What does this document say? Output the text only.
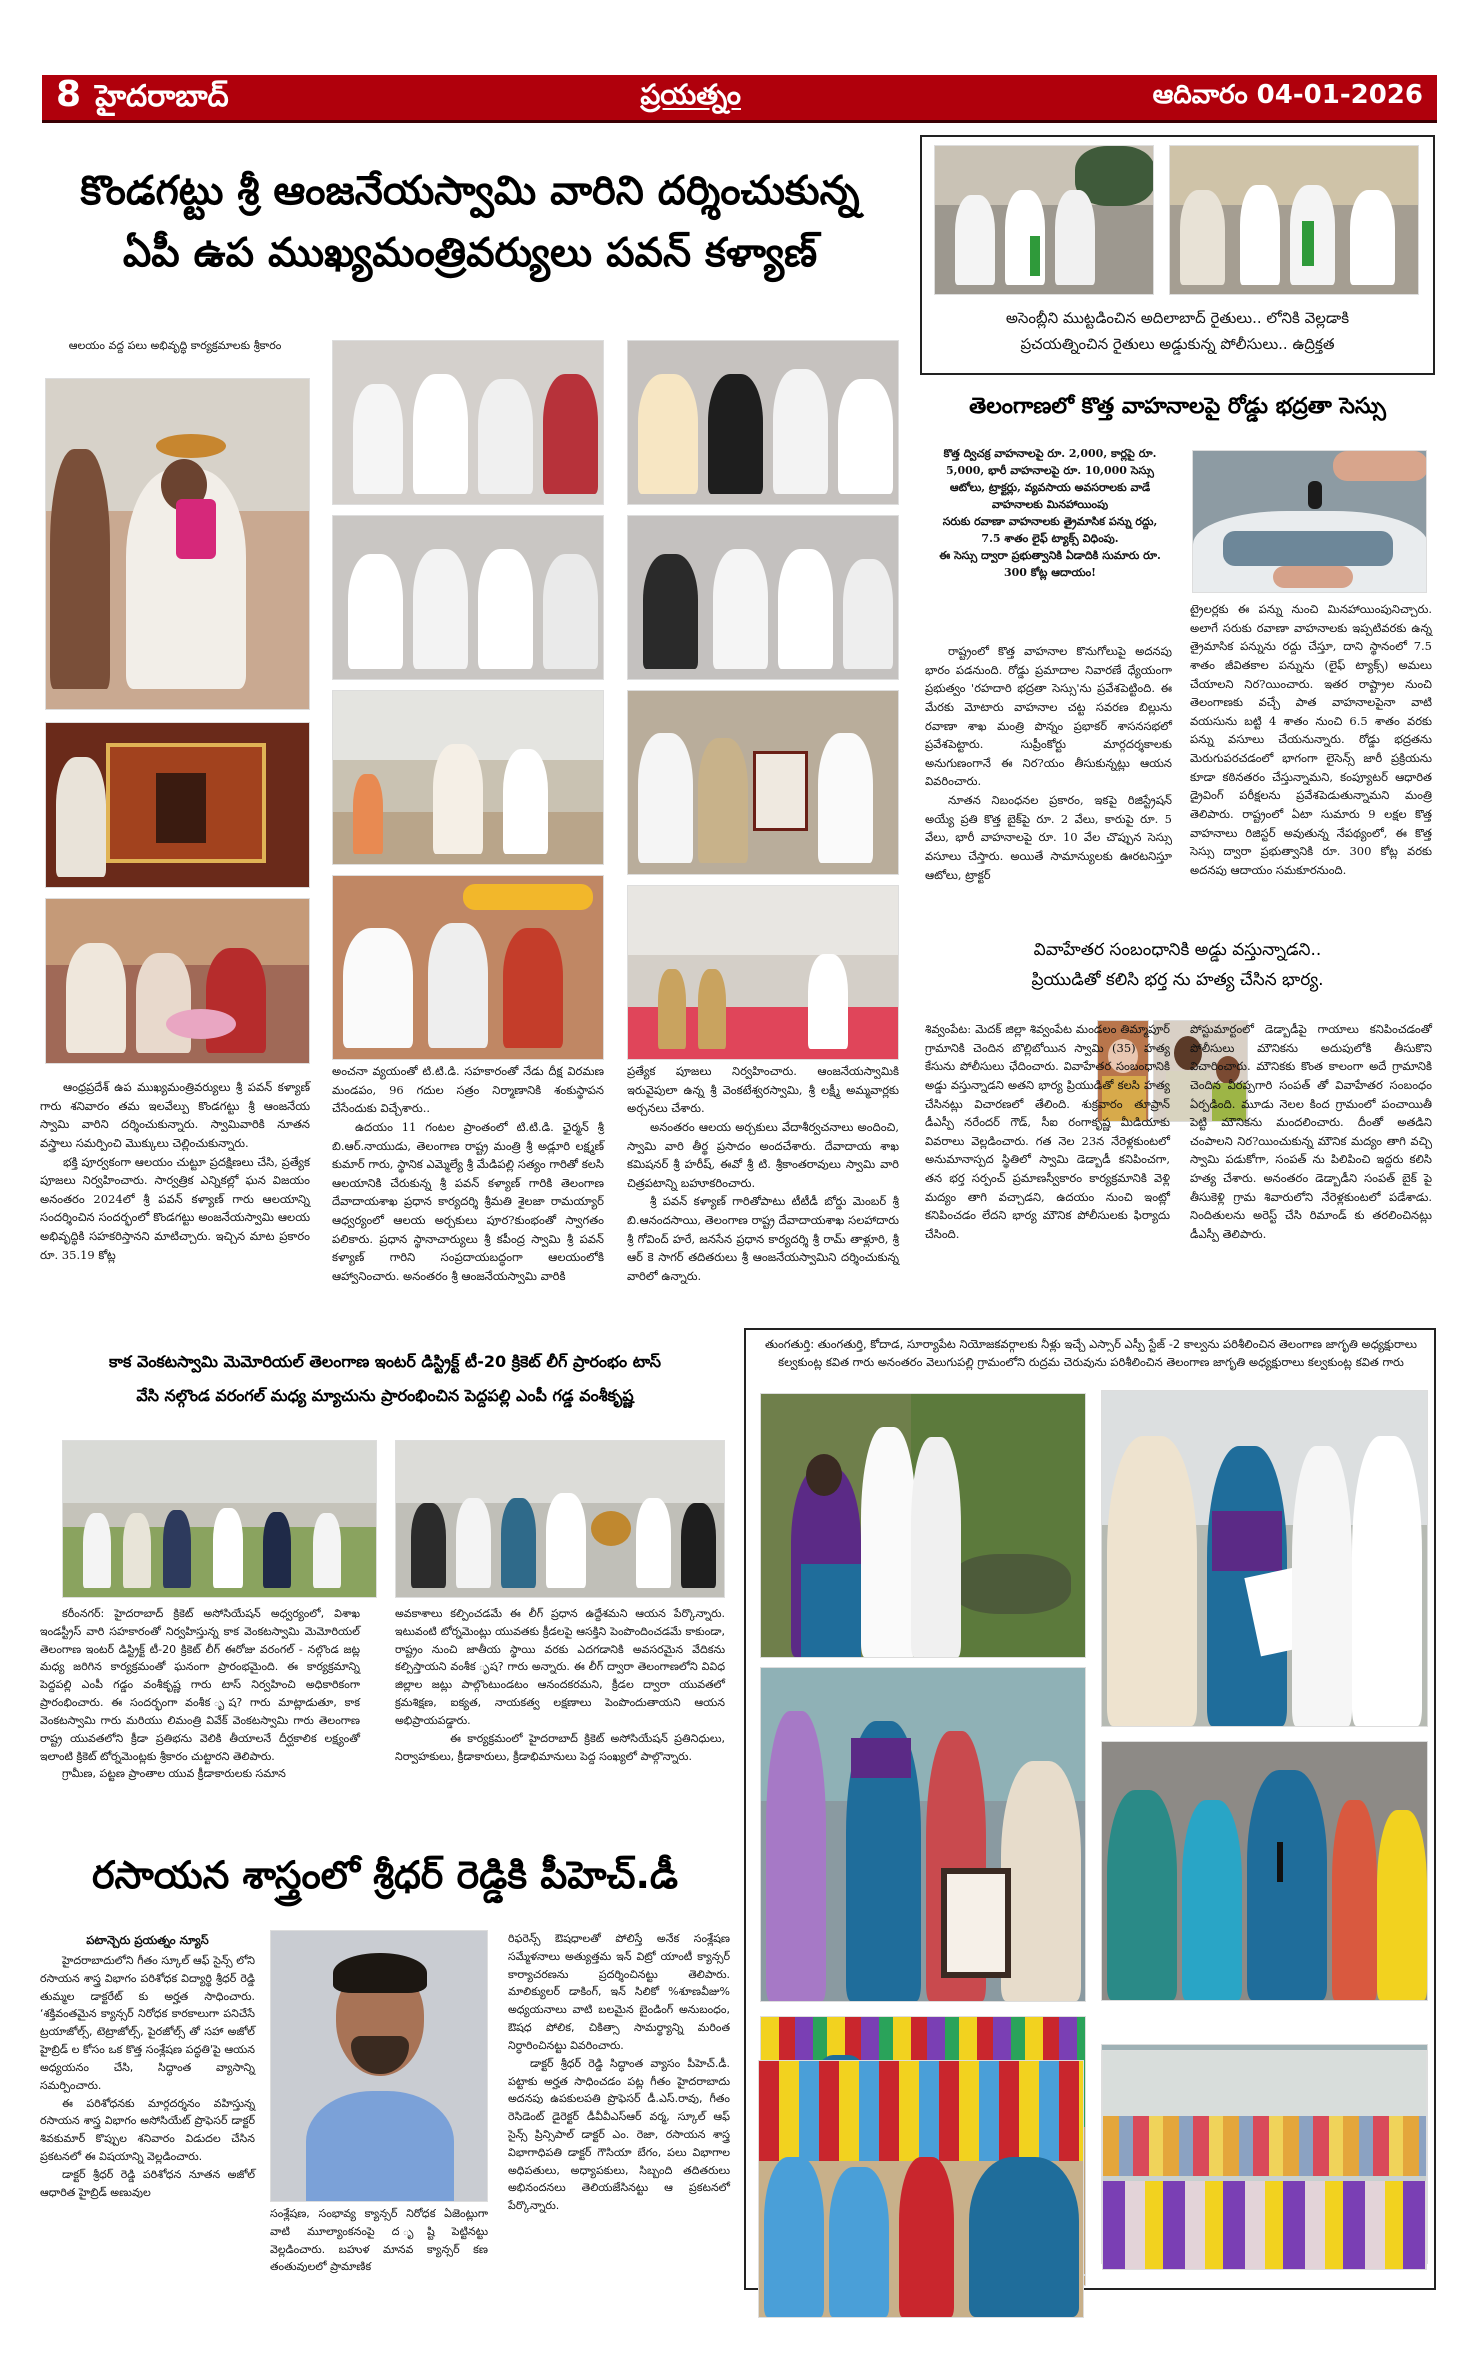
8 హైదరాబాద్	ప్రయత్నం	ఆదివారం 04-01-2026
కొండగట్టు శ్రీ ఆంజనేయస్వామి వారిని దర్శించుకున్న
ఏపీ ఉప ముఖ్యమంత్రివర్యులు పవన్ కళ్యాణ్
ఆలయం వద్ద పలు అభివృద్ధి కార్యక్రమాలకు శ్రీకారం

ఆంధ్రప్రదేశ్ ఉప ముఖ్యమంత్రివర్యులు శ్రీ పవన్ కళ్యాణ్ గారు శనివారం తమ ఇలవేల్పు కొండగట్టు శ్రీ ఆంజనేయ స్వామి వారిని దర్శించుకున్నారు. స్వామివారికి నూతన వస్త్రాలు సమర్పించి మొక్కులు చెల్లించుకున్నారు.

భక్తి పూర్వకంగా ఆలయం చుట్టూ ప్రదక్షిణలు చేసి, ప్రత్యేక పూజలు నిర్వహించారు. సార్వత్రిక ఎన్నికల్లో ఘన విజయం అనంతరం 2024లో శ్రీ పవన్ కళ్యాణ్ గారు ఆలయాన్ని సందర్శించిన సందర్భంలో కొండగట్టు అంజనేయస్వామి ఆలయ అభివృద్ధికి సహకరిస్తానని మాటిచ్చారు. ఇచ్చిన మాట ప్రకారం రూ. 35.19 కోట్ల

అంచనా వ్యయంతో టి.టి.డి. సహకారంతో నేడు దీక్ష విరమణ మండపం, 96 గదుల సత్రం నిర్మాణానికి శంకుస్థాపన చేసేందుకు విచ్చేశారు..

ఉదయం 11 గంటల ప్రాంతంలో టి.టి.డి. ఛైర్మన్ శ్రీ బి.ఆర్.నాయుడు, తెలంగాణ రాష్ట్ర మంత్రి శ్రీ అడ్లూరి లక్ష్మణ్ కుమార్ గారు, స్థానిక ఎమ్మెల్యే శ్రీ మేడిపల్లి సత్యం గారితో కలసి ఆలయానికి చేరుకున్న శ్రీ పవన్ కళ్యాణ్ గారికి తెలంగాణ దేవాదాయశాఖ ప్రధాన కార్యదర్శి శ్రీమతి శైలజా రామయ్యార్ ఆధ్వర్యంలో ఆలయ అర్చకులు పూర?కుంభంతో స్వాగతం పలికారు. ప్రధాన స్థానాచార్యులు శ్రీ కపీంద్ర స్వామి శ్రీ పవన్ కళ్యాణ్ గారిని సంప్రదాయబద్ధంగా ఆలయంలోకి ఆహ్వానించారు. అనంతరం శ్రీ ఆంజనేయస్వామి వారికి

ప్రత్యేక పూజలు నిర్వహించారు. ఆంజనేయస్వామికి ఇరువైపులా ఉన్న శ్రీ వెంకటేశ్వరస్వామి, శ్రీ లక్ష్మీ అమ్మవార్లకు అర్చనలు చేశారు.

అనంతరం ఆలయ అర్చకులు వేదాశీర్వచనాలు అందించి, స్వామి వారి తీర్థ ప్రసాదం అందచేశారు. దేవాదాయ శాఖ కమిషనర్ శ్రీ హరీష్, ఈవో శ్రీ టి. శ్రీకాంతరావులు స్వామి వారి చిత్రపటాన్ని బహూకరించారు.

శ్రీ పవన్ కళ్యాణ్ గారితోపాటు టీటీడీ బోర్డు మెంబర్ శ్రీ బి.ఆనందసాయి, తెలంగాణ రాష్ట్ర దేవాదాయశాఖ సలహాదారు శ్రీ గోవింద్ హరే, జనసేన ప్రధాన కార్యదర్శి శ్రీ రామ్ తాళ్లూరి, శ్రీ ఆర్ కె సాగర్ తదితరులు శ్రీ ఆంజనేయస్వామిని దర్శించుకున్న వారిలో ఉన్నారు.

అసెంబ్లీని ముట్టడించిన అదిలాబాద్ రైతులు.. లోనికి వెల్లడాకి
ప్రచయత్నించిన రైతులు అడ్డుకున్న పోలీసులు.. ఉద్రిక్తత
తెలంగాణలో కొత్త వాహనాలపై రోడ్డు భద్రతా సెస్సు
కొత్త ద్విచక్ర వాహనాలపై రూ. 2,000, కార్లపై రూ. 5,000, భారీ వాహనాలపై రూ. 10,000 సెస్సు
ఆటోలు, ట్రాక్టర్లు, వ్యవసాయ అవసరాలకు వాడే వాహనాలకు మినహాయింపు
సరుకు రవాణా వాహనాలకు త్రైమాసిక పన్ను రద్దు, 7.5 శాతం లైఫ్ ట్యాక్స్ విధింపు.
ఈ సెస్సు ద్వారా ప్రభుత్వానికి ఏడాదికి సుమారు రూ. 300 కోట్ల ఆదాయం!

రాష్ట్రంలో కొత్త వాహనాల కొనుగోలుపై అదనపు భారం పడనుంది. రోడ్డు ప్రమాదాల నివారణే ధ్యేయంగా ప్రభుత్వం 'రహదారి భద్రతా సెస్సు'ను ప్రవేశపెట్టింది. ఈ మేరకు మోటారు వాహనాల చట్ట సవరణ బిల్లును రవాణా శాఖ మంత్రి పొన్నం ప్రభాకర్ శాసనసభలో ప్రవేశపెట్టారు. సుప్రీంకోర్టు మార్గదర్శకాలకు అనుగుణంగానే ఈ నిర?యం తీసుకున్నట్లు ఆయన వివరించారు.

నూతన నిబంధనల ప్రకారం, ఇకపై రిజిస్ట్రేషన్ అయ్యే ప్రతి కొత్త బైక్‌పై రూ. 2 వేలు, కారుపై రూ. 5 వేలు, భారీ వాహనాలపై రూ. 10 వేల చొప్పున సెస్సు వసూలు చేస్తారు. అయితే సామాన్యులకు ఊరటనిస్తూ ఆటోలు, ట్రాక్టర్

ట్రైలర్లకు ఈ పన్ను నుంచి మినహాయింపునిచ్చారు. అలాగే సరుకు రవాణా వాహనాలకు ఇప్పటివరకు ఉన్న త్రైమాసిక పన్నును రద్దు చేస్తూ, దాని స్థానంలో 7.5 శాతం జీవితకాల పన్నును (లైఫ్ ట్యాక్స్) అమలు చేయాలని నిర?యించారు. ఇతర రాష్ట్రాల నుంచి తెలంగాణకు వచ్చే పాత వాహనాలపైనా వాటి వయసును బట్టి 4 శాతం నుంచి 6.5 శాతం వరకు పన్ను వసూలు చేయనున్నారు. రోడ్డు భద్రతను మెరుగుపరచడంలో భాగంగా లైసెన్స్ జారీ ప్రక్రియను కూడా కఠినతరం చేస్తున్నామని, కంప్యూటర్ ఆధారిత డ్రైవింగ్ పరీక్షలను ప్రవేశపెడుతున్నామని మంత్రి తెలిపారు. రాష్ట్రంలో ఏటా సుమారు 9 లక్షల కొత్త వాహనాలు రిజిస్టర్ అవుతున్న నేపథ్యంలో, ఈ కొత్త సెస్సు ద్వారా ప్రభుత్వానికి రూ. 300 కోట్ల వరకు అదనపు ఆదాయం సమకూరనుంది.

వివాహేతర సంబంధానికి అడ్డు వస్తున్నాడని..
ప్రియుడితో కలిసి భర్త ను హత్య చేసిన భార్య.

శివ్వంపేట: మెదక్ జిల్లా శివ్వంపేట మండలం తిమ్మాపూర్ గ్రామానికి చెందిన బొల్లిబోయిన స్వామి (35) హత్య కేసును పోలీసులు ఛేదించారు. వివాహేతర సంబంధానికి అడ్డు వస్తున్నాడని అతని భార్య ప్రియుడితో కలసి హత్య చేసినట్లు విచారణలో తేలింది. శుక్రవారం తూప్రాన్ డీఎస్పీ నరేందర్ గౌడ్, సీఐ రంగాకృష్ణ మీడియాకు వివరాలు వెల్లడించారు. గత నెల 23న నేరెళ్లకుంటలో అనుమానాస్పద స్థితిలో స్వామి డెడ్బాడీ కనిపించగా, తన భర్త సర్పంచ్ ప్రమాణస్వీకారం కార్యక్రమానికి వెళ్లి మద్యం తాగి వచ్చాడని, ఉదయం నుంచి ఇంట్లో కనిపించడం లేదని భార్య మౌనిక పోలీసులకు ఫిర్యాదు చేసింది.

పోస్టుమార్టంలో డెడ్బాడీపై గాయాలు కనిపించడంతో పోలీసులు మౌనికను అదుపులోకి తీసుకొని విచారించారు. మౌనికకు కొంత కాలంగా అదే గ్రామానికి చెందిన వీరప్పగారి సంపత్ తో వివాహేతర సంబంధం ఏర్పడింది. మూడు నెలల కింద గ్రామంలో పంచాయితీ పెట్టి మౌనికను మందలించారు. దీంతో అతడిని చంపాలని నిర?యించుకున్న మౌనిక మద్యం తాగి వచ్చి స్వామి పడుకోగా, సంపత్ ను పిలిపించి ఇద్దరు కలిసి హత్య చేశారు. అనంతరం డెడ్బాడీని సంపత్ బైక్ పై తీసుకెళ్లి గ్రామ శివారులోని నేరెళ్లకుంటలో పడేశాడు. నిందితులను అరెస్ట్ చేసి రిమాండ్ కు తరలించినట్లు డీఎస్పీ తెలిపారు.

కాక వెంకటస్వామి మెమోరియల్ తెలంగాణ ఇంటర్ డిస్ట్రిక్ట్ టీ-20 క్రికెట్ లీగ్ ప్రారంభం టాస్
వేసి నల్గొండ వరంగల్ మధ్య మ్యాచును ప్రారంభించిన పెద్దపల్లి ఎంపీ గడ్డ వంశీకృష్ణ

కరీంనగర్: హైదరాబాద్ క్రికెట్ అసోసియేషన్ అధ్వర్యంలో, విశాఖ ఇండస్ట్రీస్ వారి సహకారంతో నిర్వహిస్తున్న కాక వెంకటస్వామి మెమోరియల్ తెలంగాణ ఇంటర్ డిస్ట్రిక్ట్ టీ-20 క్రికెట్ లీగ్ ఈరోజు వరంగల్ - నల్గొండ జట్ల మధ్య జరిగిన కార్యక్రమంతో ఘనంగా ప్రారంభమైంది. ఈ కార్యక్రమాన్ని పెద్దపల్లి ఎంపీ గడ్డం వంశీకృష్ణ గారు టాస్ నిర్వహించి అధికారికంగా ప్రారంభించారు. ఈ సందర్భంగా వంశీక ృష? గారు మాట్లాడుతూ, కాక వెంకటస్వామి గారు మరియు లిమంత్రి వివేక్ వెంకటస్వామి గారు తెలంగాణ రాష్ట్ర యువతలోని క్రీడా ప్రతిభను వెలికి తీయాలనే దీర్ఘకాలిక లక్ష్యంతో ఇలాంటి క్రికెట్ టోర్నమెంట్లకు శ్రీకారం చుట్టారని తెలిపారు.

గ్రామీణ, పట్టణ ప్రాంతాల యువ క్రీడాకారులకు సమాన

అవకాశాలు కల్పించడమే ఈ లీగ్ ప్రధాన ఉద్దేశమని ఆయన పేర్కొన్నారు. ఇటువంటి టోర్నమెంట్లు యువతకు క్రీడలపై ఆసక్తిని పెంపొందించడమే కాకుండా, రాష్ట్రం నుంచి జాతీయ స్థాయి వరకు ఎదగడానికి అవసరమైన వేదికను కల్పిస్తాయని వంశీక ృష? గారు అన్నారు. ఈ లీగ్ ద్వారా తెలంగాణలోని వివిధ జిల్లాల జట్లు పాల్గొంటుండటం ఆనందకరమని, క్రీడల ద్వారా యువతలో క్రమశిక్షణ, ఐక్యత, నాయకత్వ లక్షణాలు పెంపొందుతాయని ఆయన అభిప్రాయపడ్డారు.

ఈ కార్యక్రమంలో హైదరాబాద్ క్రికెట్ అసోసియేషన్ ప్రతినిధులు, నిర్వాహకులు, క్రీడాకారులు, క్రీడాభిమానులు పెద్ద సంఖ్యలో పాల్గొన్నారు.

రసాయన శాస్త్రంలో శ్రీధర్ రెడ్డికి పీహెచ్.డీ
పటాన్చెరు ప్రయత్నం న్యూస్

హైదరాబాదులోని గీతం స్కూల్ ఆఫ్ సైన్స్ లోని రసాయన శాస్త్ర విభాగం పరిశోధక విద్యార్థి శ్రీధర్ రెడ్డి తుమ్మల డాక్టరేట్ కు అర్హత సాధించారు. ‘శక్తివంతమైన క్యాన్సర్ నిరోధక కారకాలుగా పనిచేసే ట్రయాజోల్స్, టెట్రాజోల్స్, పైరజోల్స్ తో సహా అజోల్ హైబ్రిడ్ ల కోసం ఒక కొత్త సంశ్లేషణ పద్ధతి'పై ఆయన అధ్యయనం చేసి, సిద్ధాంత వ్యాసాన్ని సమర్పించారు.

ఈ పరిశోధనకు మార్గదర్శనం వహిస్తున్న రసాయన శాస్త్ర విభాగం అసోసియేట్ ప్రొఫెసర్ డాక్టర్ శివకుమార్ కొప్పుల శనివారం విడుదల చేసిన ప్రకటనలో ఈ విషయాన్ని వెల్లడించారు.

డాక్టర్ శ్రీధర్ రెడ్డి పరిశోధన నూతన అజోల్ ఆధారిత హైబ్రిడ్ అణువుల

సంశ్లేషణ, సంభావ్య క్యాన్సర్ నిరోధక ఏజెంట్లుగా వాటి మూల్యాంకనంపై ద ృష్టి పెట్టినట్టు వెల్లడించారు. బహుళ మానవ క్యాన్సర్ కణ తంతువులలో ప్రామాణిక

రిఫరెన్స్ ఔషధాలతో పోలిస్తే అనేక సంశ్లేషణ సమ్మేళనాలు అత్యుత్తమ ఇన్ విట్రో యాంటీ క్యాన్సర్ కార్యాచరణను ప్రదర్శించినట్టు తెలిపారు. మాలిక్యులర్ డాకింగ్, ఇన్ సిలికో %శూణవీజు% అధ్యయనాలు వాటి బలమైన బైండింగ్ అనుబంధం, ఔషధ పోలిక, చికిత్సా సామర్థ్యాన్ని మరింత నిర్ధారించినట్టు వివరించారు.

డాక్టర్ శ్రీధర్ రెడ్డి సిద్ధాంత వ్యాసం పీహెచ్.డీ. పట్టాకు అర్హత సాధించడం పట్ల గీతం హైదరాబాదు అదనపు ఉపకులపతి ప్రొఫెసర్ డీ.ఎస్.రావు, గీతం రెసిడెంట్ డైరెక్టర్ డీవీవీఎస్ఆర్ వర్మ, స్కూల్ ఆఫ్ సైన్స్ ప్రిన్సిపాల్ డాక్టర్ ఎం. రెజా, రసాయన శాస్త్ర విభాగాధిపతి డాక్టర్ గౌసియా బేగం, పలు విభాగాల అధిపతులు, అధ్యాపకులు, సిబ్బంది తదితరులు అభినందనలు తెలియజేసినట్టు ఆ ప్రకటనలో పేర్కొన్నారు.

తుంగతుర్తి: తుంగతుర్తి, కోదాడ, సూర్యాపేట నియోజకవర్గాలకు నీళ్లు ఇచ్చే ఎస్సార్ ఎస్పీ స్టేజ్ -2 కాల్వను పరిశీలించిన తెలంగాణ జాగృతి అధ్యక్షురాలు కల్వకుంట్ల కవిత గారు అనంతరం వెలుగుపల్లి గ్రామంలోని రుద్రమ చెరువును పరిశీలించిన తెలంగాణ జాగృతి అధ్యక్షురాలు కల్వకుంట్ల కవిత గారు
